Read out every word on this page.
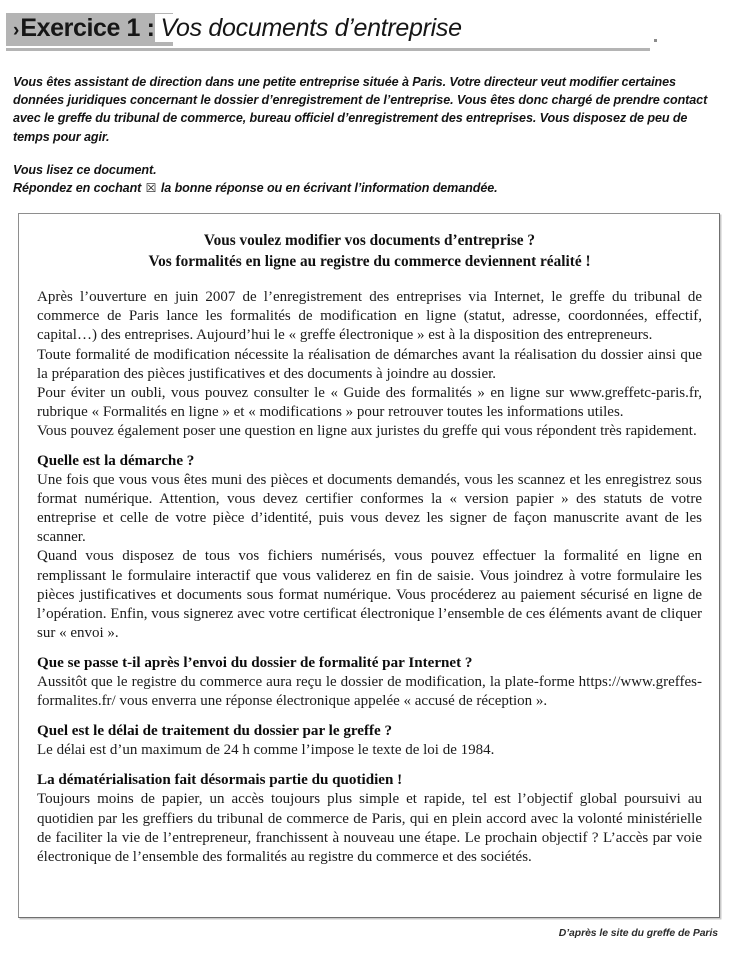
›Exercice 1 : Vos documents d’entreprise
Vous êtes assistant de direction dans une petite entreprise située à Paris. Votre directeur veut modifier certaines données juridiques concernant le dossier d’enregistrement de l’entreprise. Vous êtes donc chargé de prendre contact avec le greffe du tribunal de commerce, bureau officiel d’enregistrement des entreprises. Vous disposez de peu de temps pour agir.
Vous lisez ce document.
Répondez en cochant ☒ la bonne réponse ou en écrivant l’information demandée.
Vous voulez modifier vos documents d’entreprise ?
Vos formalités en ligne au registre du commerce deviennent réalité !

Après l’ouverture en juin 2007 de l’enregistrement des entreprises via Internet, le greffe du tribunal de commerce de Paris lance les formalités de modification en ligne (statut, adresse, coordonnées, effectif, capital…) des entreprises. Aujourd’hui le « greffe électronique » est à la disposition des entrepreneurs.

Toute formalité de modification nécessite la réalisation de démarches avant la réalisation du dossier ainsi que la préparation des pièces justificatives et des documents à joindre au dossier.

Pour éviter un oubli, vous pouvez consulter le « Guide des formalités » en ligne sur www.greffetc-paris.fr, rubrique « Formalités en ligne » et « modifications » pour retrouver toutes les informations utiles.

Vous pouvez également poser une question en ligne aux juristes du greffe qui vous répondent très rapidement.

Quelle est la démarche ?

Une fois que vous vous êtes muni des pièces et documents demandés, vous les scannez et les enregistrez sous format numérique. Attention, vous devez certifier conformes la « version papier » des statuts de votre entreprise et celle de votre pièce d’identité, puis vous devez les signer de façon manuscrite avant de les scanner.

Quand vous disposez de tous vos fichiers numérisés, vous pouvez effectuer la formalité en ligne en remplissant le formulaire interactif que vous validerez en fin de saisie. Vous joindrez à votre formulaire les pièces justificatives et documents sous format numérique. Vous procéderez au paiement sécurisé en ligne de l’opération. Enfin, vous signerez avec votre certificat électronique l’ensemble de ces éléments avant de cliquer sur « envoi ».

Que se passe t-il après l’envoi du dossier de formalité par Internet ?

Aussitôt que le registre du commerce aura reçu le dossier de modification, la plate-forme https://www.greffes-formalites.fr/ vous enverra une réponse électronique appelée « accusé de réception ».

Quel est le délai de traitement du dossier par le greffe ?

Le délai est d’un maximum de 24 h comme l’impose le texte de loi de 1984.

La dématérialisation fait désormais partie du quotidien !

Toujours moins de papier, un accès toujours plus simple et rapide, tel est l’objectif global poursuivi au quotidien par les greffiers du tribunal de commerce de Paris, qui en plein accord avec la volonté ministérielle de faciliter la vie de l’entrepreneur, franchissent à nouveau une étape. Le prochain objectif ? L’accès par voie électronique de l’ensemble des formalités au registre du commerce et des sociétés.

D’après le site du greffe de Paris
